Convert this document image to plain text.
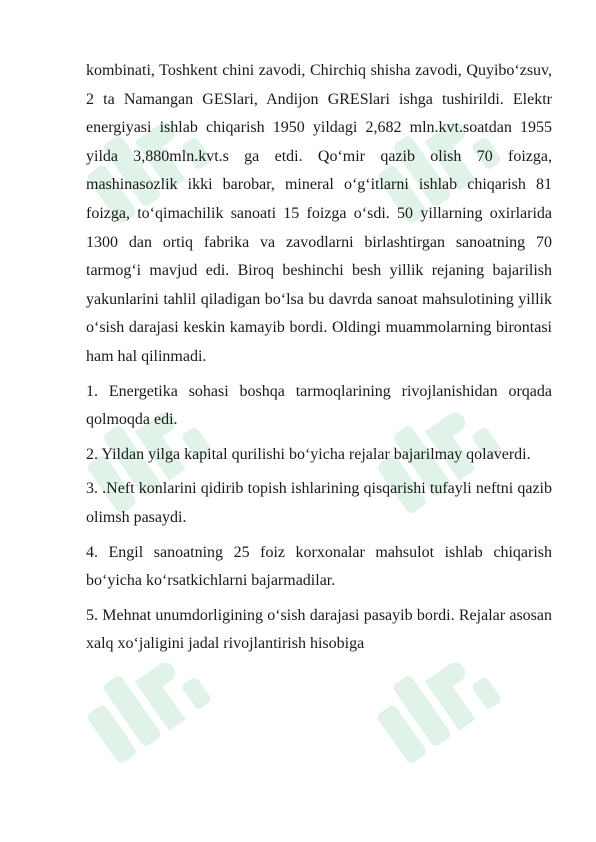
kombinati, Toshkent chini zavodi, Chirchiq shisha zavodi, Quyibo‘zsuv, 2 ta Namangan GESlari, Andijon GRESlari ishga tushirildi. Elektr energiyasi ishlab chiqarish 1950 yildagi 2,682 mln.kvt.soatdan 1955 yilda 3,880mln.kvt.s ga etdi. Qo‘mir qazib olish 70 foizga, mashinasozlik ikki barobar, mineral o‘g‘itlarni ishlab chiqarish 81 foizga, to‘qimachilik sanoati 15 foizga o‘sdi. 50 yillarning oxirlarida 1300 dan ortiq fabrika va zavodlarni birlashtirgan sanoatning 70 tarmog‘i mavjud edi. Biroq beshinchi besh yillik rejaning bajarilish yakunlarini tahlil qiladigan bo‘lsa bu davrda sanoat mahsulotining yillik o‘sish darajasi keskin kamayib bordi. Oldingi muammolarning birontasi ham hal qilinmadi.

1. Energetika sohasi boshqa tarmoqlarining rivojlanishidan orqada qolmoqda edi.

2. Yildan yilga kapital qurilishi bo‘yicha rejalar bajarilmay qolaverdi.

3. .Neft konlarini qidirib topish ishlarining qisqarishi tufayli neftni qazib olimsh pasaydi.

4. Engil sanoatning 25 foiz korxonalar mahsulot ishlab chiqarish bo‘yicha ko‘rsatkichlarni bajarmadilar.

5. Mehnat unumdorligining o‘sish darajasi pasayib bordi. Rejalar asosan xalq xo‘jaligini jadal rivojlantirish hisobiga
